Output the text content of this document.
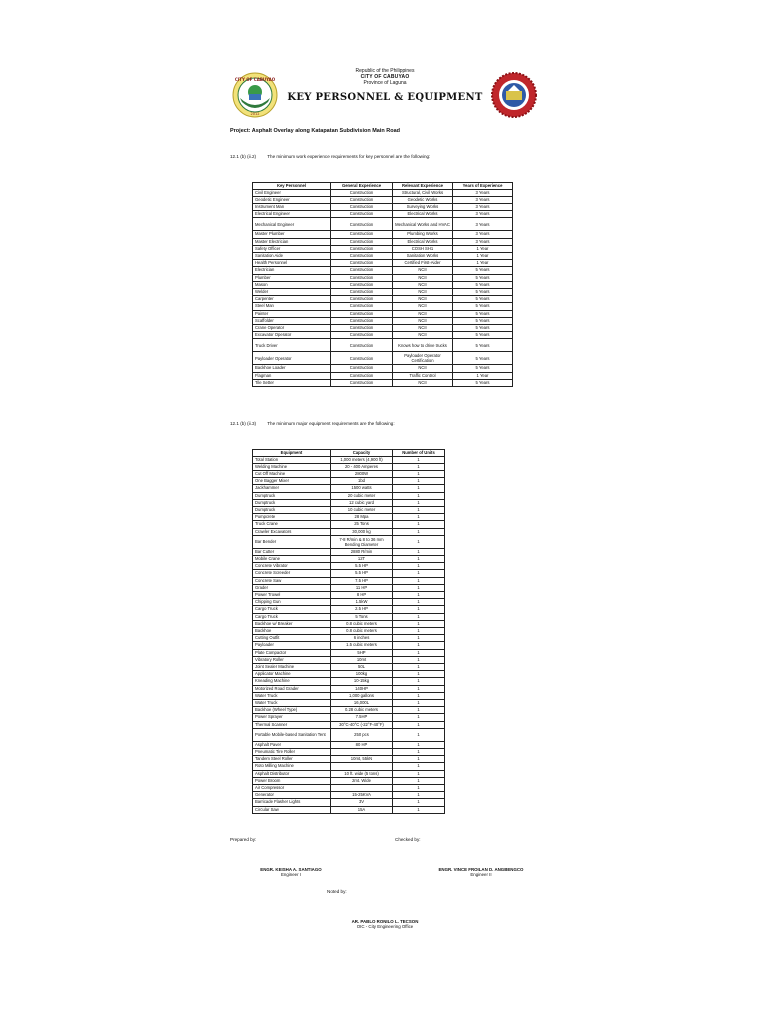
CITY OF CABUYAO
2012
Republic of the Philippines
CITY OF CABUYAO
Province of Laguna
KEY PERSONNEL & EQUIPMENT
Project: Asphalt Overlay along Katapatan Subdivision Main Road
12.1 (b) (ii.2) The minimum work experience requirements for key personnel are the following:
Key Personnel	General Experience	Relevant Experience	Years of Experience
Civil Engineer	Construction	Structural, Civil Works	3 Years
Geodetic Engineer	Construction	Geodetic Works	3 Years
Instrument Man	Construction	Surveying Works	3 Years
Electrical Engineer	Construction	Electrical Works	3 Years
Mechanical Engineer	Construction	Mechanical Works and HVAC	3 Years
Master Plumber	Construction	Plumbing Works	3 Years
Master Electrician	Construction	Electrical Works	3 Years
Safety Officer	Construction	COSH SH1	1 Year
Sanitation Aide	Construction	Sanitation Works	1 Year
Health Personnel	Construction	Certified First-Aider	1 Year
Electrician	Construction	NCII	5 Years
Plumber	Construction	NCII	5 Years
Mason	Construction	NCII	5 Years
Welder	Construction	NCII	5 Years
Carpenter	Construction	NCII	5 Years
Steel Man	Construction	NCII	5 Years
Painter	Construction	NCII	5 Years
Scaffolder	Construction	NCII	5 Years
Crane Operator	Construction	NCII	5 Years
Excavator Operator	Construction	NCII	5 Years
Truck Driver	Construction	Knows how to drive trucks	5 Years
Payloader Operator	Construction	Payloader Operator Certification	5 Years
Backhoe Loader	Construction	NCII	5 Years
Flagman	Construction	Traffic Control	1 Year
Tile Setter	Construction	NCII	5 Years
12.1 (b) (ii.3) The minimum major equipment requirements are the following:
Equipment	Capacity	Number of Units
Total Station	1,000 meters (4,900 ft)	1
Welding Machine	20 - 400 Amperes	1
Cut Off Machine	2800W	1
One Bagger Mixer	1bd	1
Jackhammer	1500 watts	1
Dumptruck	20 cubic meter	1
Dumptruck	12 cubic yard	1
Dumptruck	10 cubic meter	1
Pumpcrete	28 Mpa	1
Truck Crane	25 Tons	1
Crawler Excavators	30,000 kg	1
Bar Bender	7-8 R/min & 8 to 36 mm Bending Diameter	1
Bar Cutter	2880 R/min	1
Mobile Crane	12T	1
Concrete Vibrator	5.5 HP	1
Concrete Screeder	5.5 HP	1
Concrete Saw	7.5 HP	1
Grader	11 HP	1
Power Trowel	8 HP	1
Chipping Gun	1.5kW	1
Cargo Truck	2.5 HP	1
Cargo Truck	5 Tons	1
Backhoe w/ Breaker	0.8 cubic meters	1
Backhoe	0.8 cubic meters	1
Cutting Outfit	6 inches	1
Payloader	1.5 cubic meters	1
Plate Compactor	5HP	1
Vibratory Roller	10mt	1
Joint Sealer Machine	50L	1
Applicator Machine	100kg	1
Kneading Machine	10-15kg	1
Motorized Road Grader	140HP	1
Water Truck	1,000 gallons	1
Water Truck	16,000L	1
Backhoe (Wheel Type)	0.28 cubic meters	1
Power Sprayer	7.5HP	1
Thermal Scanner	30°C-40°C (-22°F-40°F)	1
Portable Mobile-based Sanitation Tent	250 pcs	1
Asphalt Paver	80 HP	1
Pneumatic Tire Roller		1
Tandem Steel Roller	10mt, 55kN	1
Roto Milling Machine		1
Asphalt Distributor	10 ft. wide (5 tons)	1
Power Broom	2mt. Wide	1
Air Compressor		1
Generator	15-25KVA	1
Barricade Flasher Lights	3V	1
Circular Saw	15A	1
Prepared by:	Checked by:
ENGR. KEISHA A. SANTIAGO
Engineer I
ENGR. VINCE FROILAN D. ANGBENGCO
Engineer II
Noted by:
AR. PABLO RONILO L. TECSON
OIC - City Engineering Office
